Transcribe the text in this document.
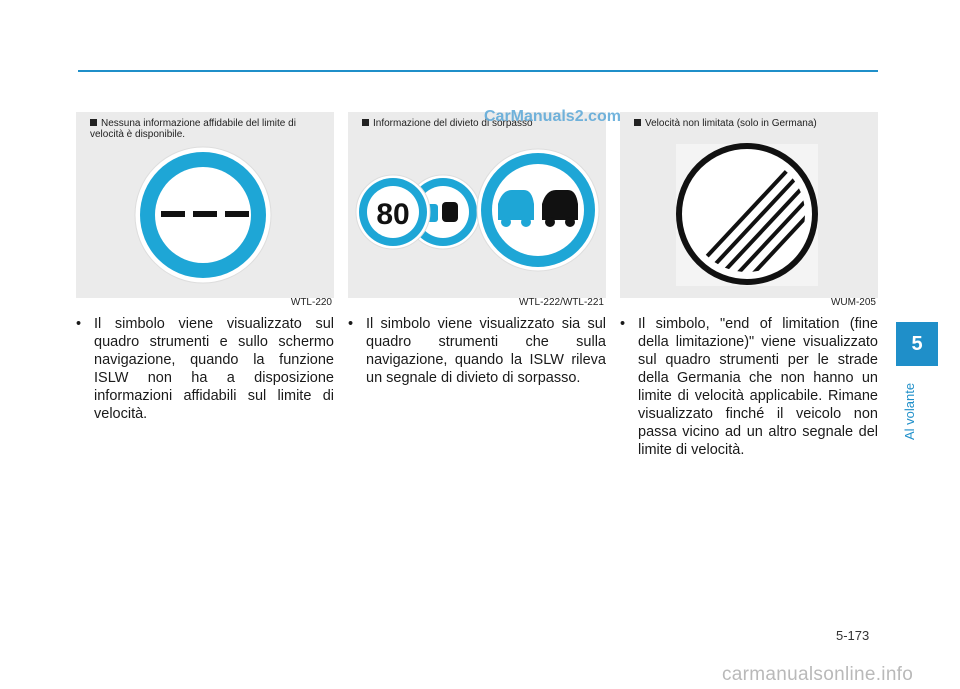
Nessuna informazione affidabile del limite di velocità è disponibile.
WTL-220
Informazione del divieto di sorpasso
80
WTL-222/WTL-221
Velocità non limitata (solo in Germana)
WUM-205
CarManuals2.com
• Il simbolo viene visualizzato sul quadro strumenti e sullo schermo navigazione, quando la funzione ISLW non ha a disposizione informazioni affidabili sul limite di velocità.
• Il simbolo viene visualizzato sia sul quadro strumenti che sulla navigazione, quando la ISLW rileva un segnale di divieto di sorpasso.
• Il simbolo, "end of limitation (fine della limitazione)" viene visualizzato sul quadro strumenti per le strade della Germania che non hanno un limite di velocità applicabile. Rimane visualizzato finché il veicolo non passa vicino ad un altro segnale del limite di velocità.
5
Al volante
5-173
carmanualsonline.info
